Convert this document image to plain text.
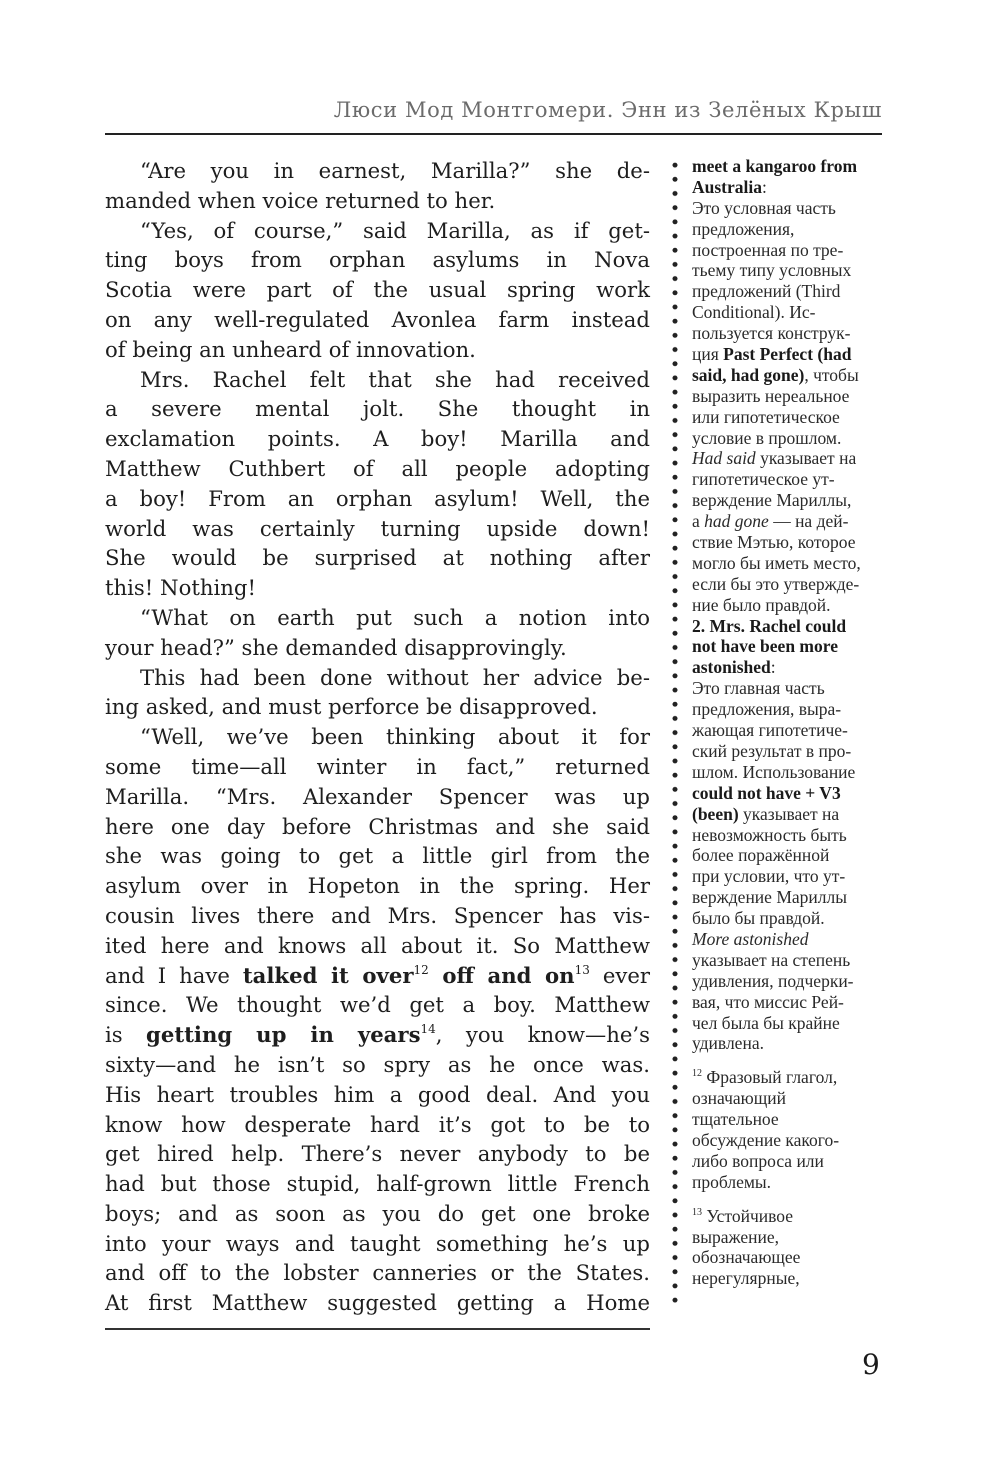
Люси Мод Монтгомери. Энн из Зелёных Крыш
“Are you in earnest, Marilla?” she de-
manded when voice returned to her.
“Yes, of course,” said Marilla, as if get-
ting boys from orphan asylums in Nova
Scotia were part of the usual spring work
on any well-regulated Avonlea farm instead
of being an unheard of innovation.
Mrs. Rachel felt that she had received
a severe mental jolt. She thought in
exclamation points. A boy! Marilla and
Matthew Cuthbert of all people adopting
a boy! From an orphan asylum! Well, the
world was certainly turning upside down!
She would be surprised at nothing after
this! Nothing!
“What on earth put such a notion into
your head?” she demanded disapprovingly.
This had been done without her advice be-
ing asked, and must perforce be disapproved.
“Well, we’ve been thinking about it for
some time—all winter in fact,” returned
Marilla. “Mrs. Alexander Spencer was up
here one day before Christmas and she said
she was going to get a little girl from the
asylum over in Hopeton in the spring. Her
cousin lives there and Mrs. Spencer has vis-
ited here and knows all about it. So Matthew
and I have talked it over$^{12}$ off and $on^{13}$ ever
since. We thought we’d get a boy. Matthew
is getting up in years$^{14}$, you know—he’s
sixty—and he isn’t so spry as he once was.
His heart troubles him a good deal. And you
know how desperate hard it’s got to be to
get hired help. There’s never anybody to be
had but those stupid, half-grown little French
boys; and as soon as you do get one broke
into your ways and taught something he’s up
and off to the lobster canneries or the States.
At first Matthew suggested getting a Home
meet a kangaroo from
Australia:
Это условная часть
предложения,
построенная по тре-
тьему типу условных
предложений (Third
Conditional). Ис-
пользуется конструк-
ция Past Perfect (had
said, had gone), чтобы
выразить нереальное
или гипотетическое
условие в прошлом.
Had said указывает на
гипотетическое ут-
верждение Мариллы,
а had gone — на дей-
ствие Мэтью, которое
могло бы иметь место,
если бы это утвержде-
ние было правдой.
2. Mrs. Rachel could
not have been more
astonished:
Это главная часть
предложения, выра-
жающая гипотетиче-
ский результат в про-
шлом. Использование
could not have + V3
(been) указывает на
невозможность быть
более поражённой
при условии, что ут-
верждение Мариллы
было бы правдой.
More astonished
указывает на степень
удивления, подчерки-
вая, что миссис Рей-
чел была бы крайне
удивлена.
$^{12}$ Фразовый глагол,
означающий
тщательное
обсуждение какого-
либо вопроса или
проблемы.
$^{13}$ Устойчивое
выражение,
обозначающее
нерегулярные,
9
